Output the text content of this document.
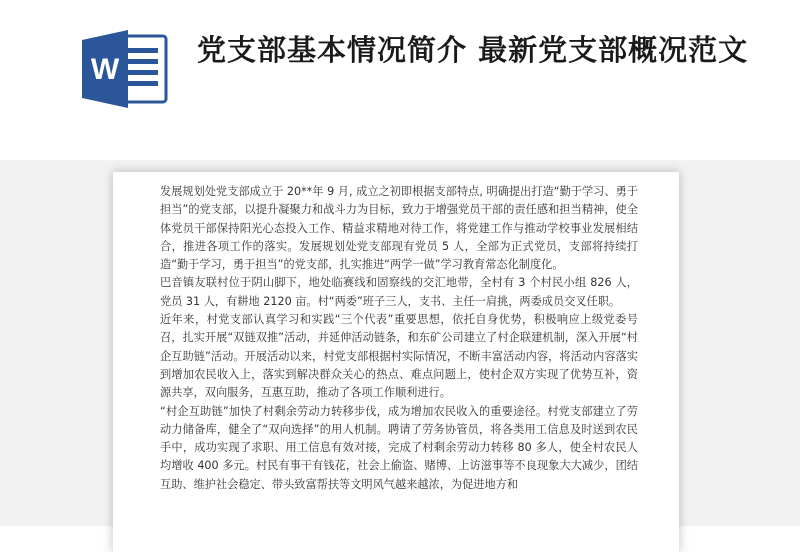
W
党支部基本情况简介 最新党支部概况范文

发展规划处党支部成立于 20**年 9 月, 成立之初即根据支部特点, 明确提出打造“勤于学习、勇于担当”的党支部，以提升凝聚力和战斗力为目标，致力于增强党员干部的责任感和担当精神，使全体党员干部保持阳光心态投入工作、精益求精地对待工作，将党建工作与推动学校事业发展相结合，推进各项工作的落实。发展规划处党支部现有党员 5 人，全部为正式党员，支部将持续打造“勤于学习，勇于担当”的党支部，扎实推进“两学一做”学习教育常态化制度化。

巴音镇友联村位于阴山脚下，地处临赛线和固察线的交汇地带，全村有 3 个村民小组 826 人，党员 31 人，有耕地 2120 亩。村“两委”班子三人，支书、主任一肩挑，两委成员交叉任职。

近年来，村党支部认真学习和实践“三个代表”重要思想，依托自身优势，积极响应上级党委号召，扎实开展“双链双推”活动，并延伸活动链条，和东矿公司建立了村企联建机制，深入开展“村企互助链”活动。开展活动以来，村党支部根据村实际情况，不断丰富活动内容，将活动内容落实到增加农民收入上，落实到解决群众关心的热点、难点问题上，使村企双方实现了优势互补，资源共享，双向服务，互惠互助，推动了各项工作顺利进行。

“村企互助链”加快了村剩余劳动力转移步伐，成为增加农民收入的重要途径。村党支部建立了劳动力储备库，健全了“双向选择”的用人机制。聘请了劳务协管员，将各类用工信息及时送到农民手中，成功实现了求职、用工信息有效对接，完成了村剩余劳动力转移 80 多人，使全村农民人均增收 400 多元。村民有事干有钱花，社会上偷盗、赌博、上访滋事等不良现象大大减少，团结互助、维护社会稳定、带头致富帮扶等文明风气越来越浓，为促进地方和
